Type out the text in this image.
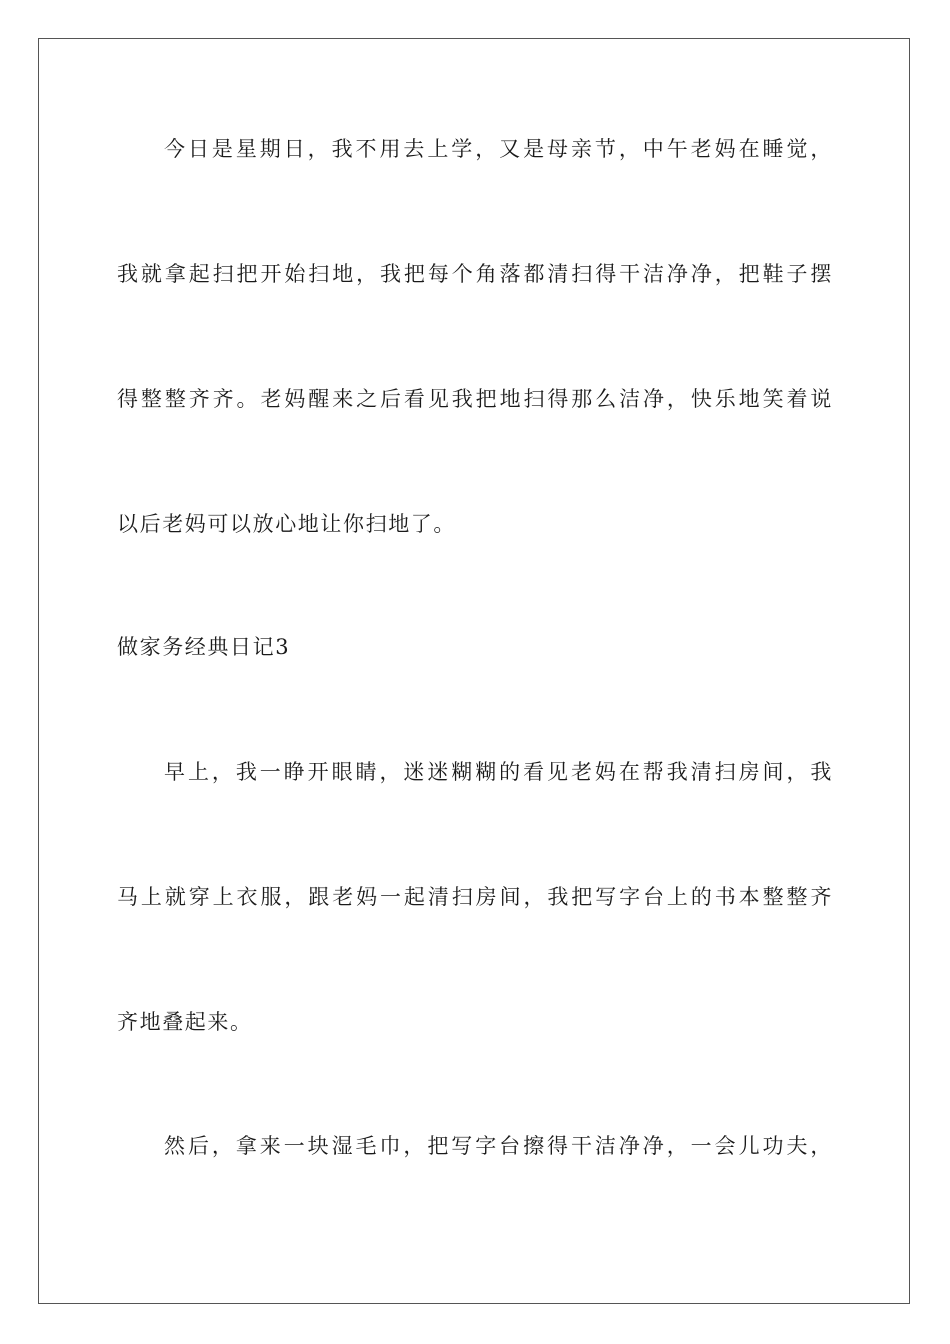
今日是星期日，我不用去上学，又是母亲节，中午老妈在睡觉，
我就拿起扫把开始扫地，我把每个角落都清扫得干洁净净，把鞋子摆
得整整齐齐。老妈醒来之后看见我把地扫得那么洁净，快乐地笑着说
以后老妈可以放心地让你扫地了。
做家务经典日记3
早上，我一睁开眼睛，迷迷糊糊的看见老妈在帮我清扫房间，我
马上就穿上衣服，跟老妈一起清扫房间，我把写字台上的书本整整齐
齐地叠起来。
然后，拿来一块湿毛巾，把写字台擦得干洁净净，一会儿功夫，
